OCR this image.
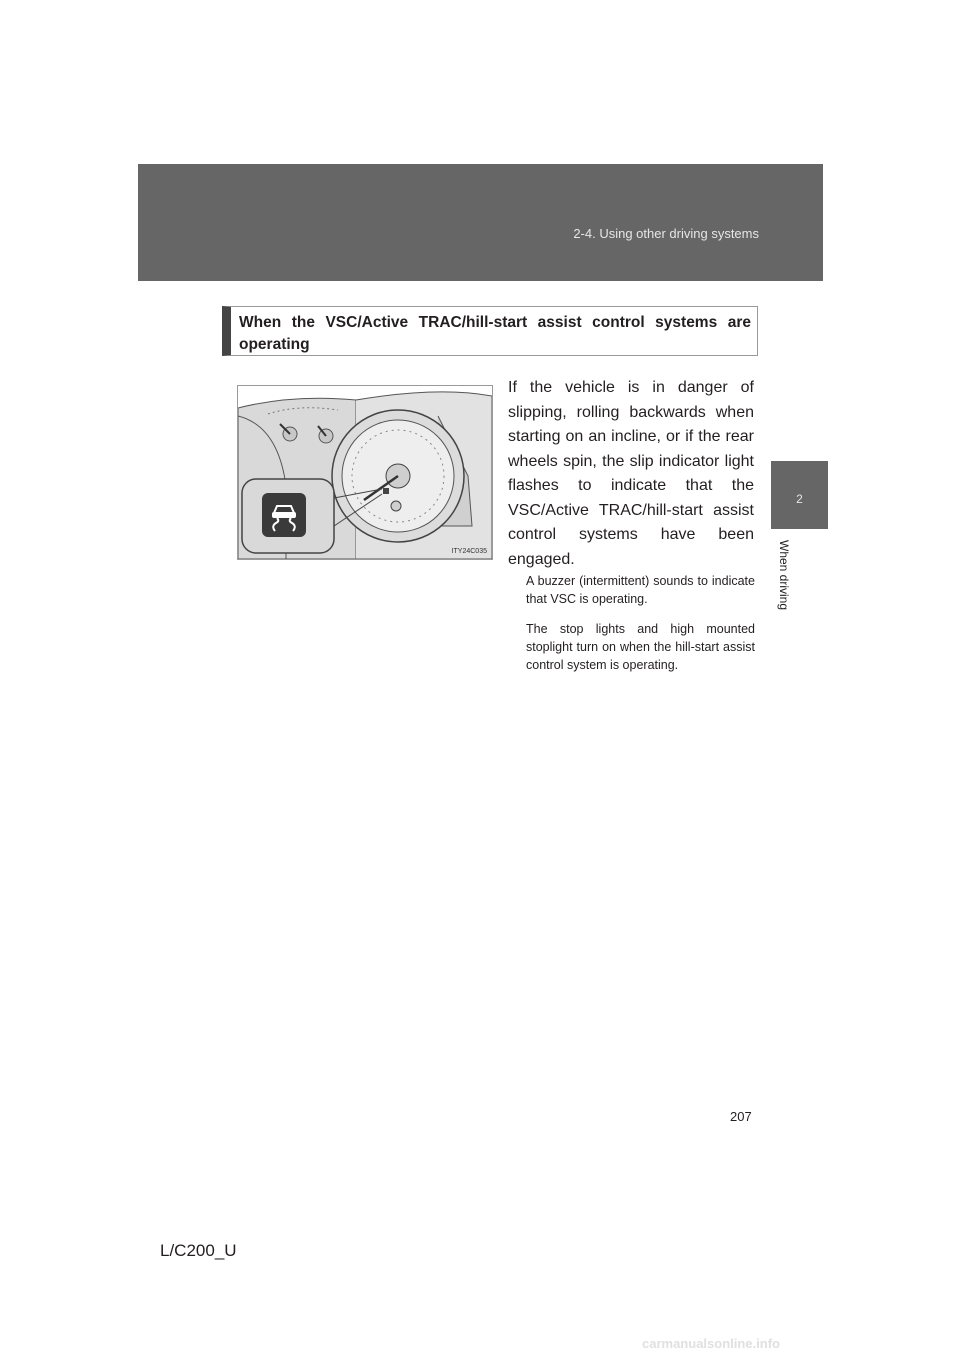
2-4. Using other driving systems
2
When driving
When the VSC/Active TRAC/hill-start assist control systems are operating
ITY24C035
If the vehicle is in danger of slipping, rolling backwards when starting on an incline, or if the rear wheels spin, the slip indicator light flashes to indicate that the VSC/Active TRAC/hill-start assist control systems have been engaged.
A buzzer (intermittent) sounds to indicate that VSC is operating.
The stop lights and high mounted stoplight turn on when the hill-start assist control system is operating.
207
L/C200_U
carmanualsonline.info
